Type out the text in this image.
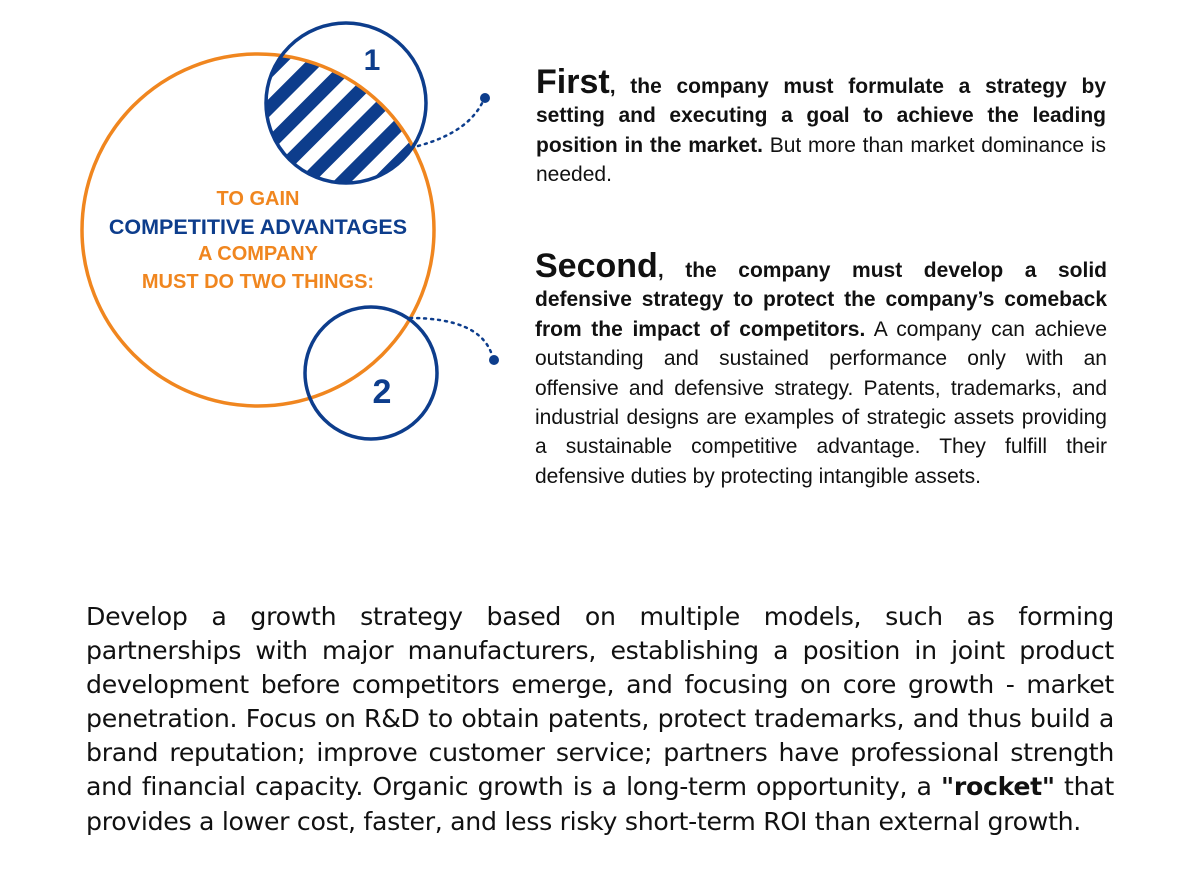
1
2
TO GAIN
COMPETITIVE ADVANTAGES
A COMPANY
MUST DO TWO THINGS:
First, the company must formulate a strategy by setting and executing a goal to achieve the leading position in the market. But more than market dominance is needed.
Second, the company must develop a solid defensive strategy to protect the company’s comeback from the impact of competitors. A company can achieve outstanding and sustained performance only with an offensive and defensive strategy. Patents, trademarks, and industrial designs are examples of strategic assets providing a sustainable competitive advantage. They fulfill their defensive duties by protecting intangible assets.
Develop a growth strategy based on multiple models, such as forming partnerships with major manufacturers, establishing a position in joint product development before competitors emerge, and focusing on core growth - market penetration. Focus on R&D to obtain patents, protect trademarks, and thus build a brand reputation; improve customer service; partners have professional strength and financial capacity. Organic growth is a long-term opportunity, a "rocket" that provides a lower cost, faster, and less risky short-term ROI than external growth.
